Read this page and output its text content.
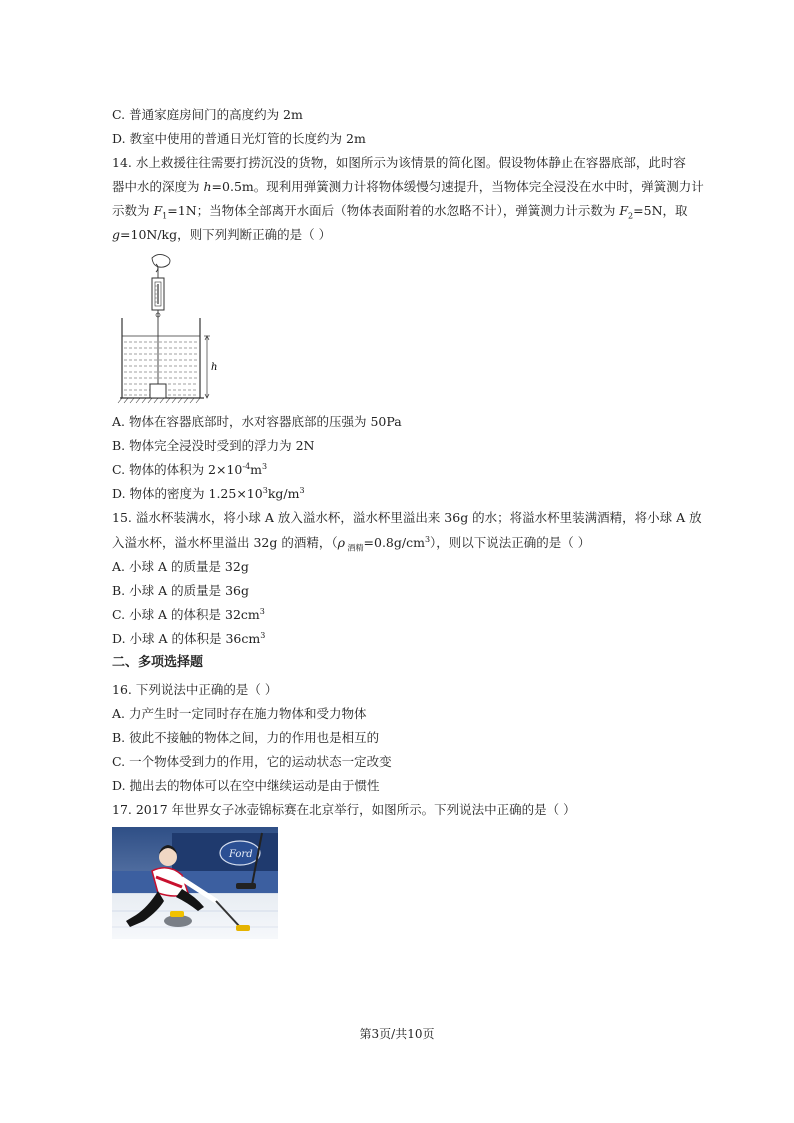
C. 普通家庭房间门的高度约为 2m
D. 教室中使用的普通日光灯管的长度约为 2m
14. 水上救援往往需要打捞沉没的货物，如图所示为该情景的简化图。假设物体静止在容器底部，此时容
器中水的深度为 h=0.5m。现利用弹簧测力计将物体缓慢匀速提升，当物体完全浸没在水中时，弹簧测力计
示数为 $F_1=1N$；当物体全部离开水面后（物体表面附着的水忽略不计），弹簧测力计示数为 $F_2=5N$，取
g=10N/kg，则下列判断正确的是（ ）
h
A. 物体在容器底部时，水对容器底部的压强为 50Pa
B. 物体完全浸没时受到的浮力为 2N
C. 物体的体积为 $2\times 10^{-4}m^3$
D. 物体的密度为 $1.25\times 10^3kg/m^3$
15. 溢水杯装满水，将小球 A 放入溢水杯，溢水杯里溢出来 36g 的水；将溢水杯里装满酒精，将小球 A 放
入溢水杯，溢水杯里溢出 32g 的酒精，（ρ $_{酒精}=0.8g/cm^3$），则以下说法正确的是（ ）
A. 小球 A 的质量是 32g
B. 小球 A 的质量是 36g
C. 小球 A 的体积是 $32cm^3$
D. 小球 A 的体积是 $36cm^3$
二、多项选择题
16. 下列说法中正确的是（ ）
A. 力产生时一定同时存在施力物体和受力物体
B. 彼此不接触的物体之间，力的作用也是相互的
C. 一个物体受到力的作用，它的运动状态一定改变
D. 抛出去的物体可以在空中继续运动是由于惯性
17. 2017 年世界女子冰壶锦标赛在北京举行，如图所示。下列说法中正确的是（ ）
Ford
第3页/共10页
